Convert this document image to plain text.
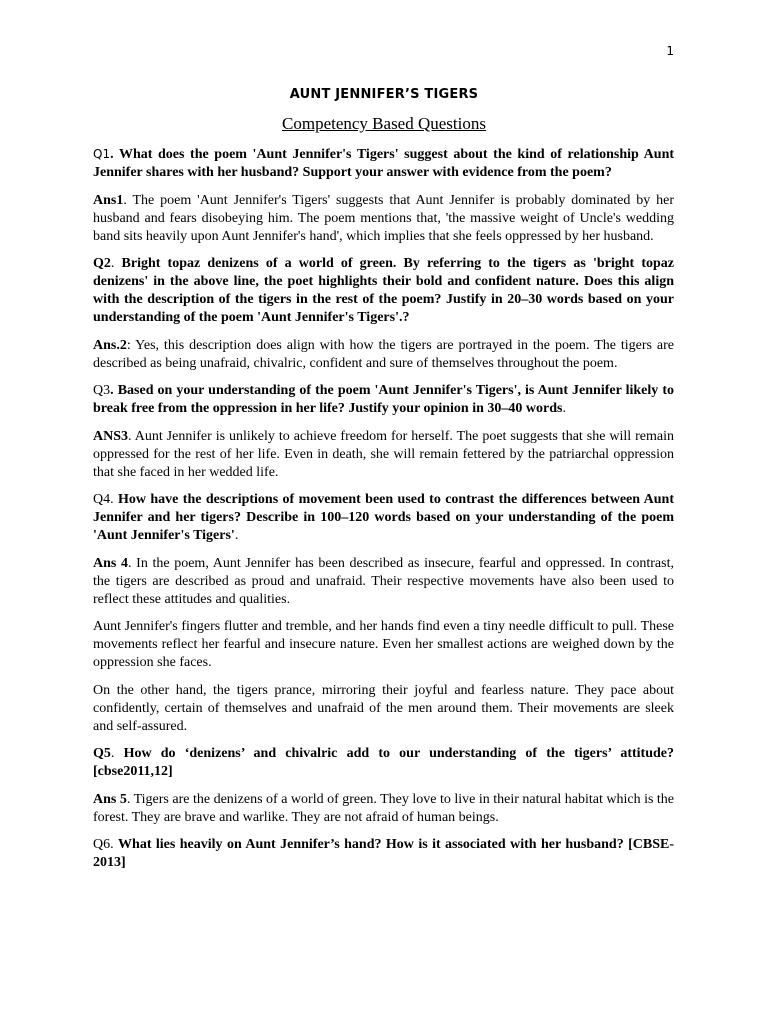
1
AUNT JENNIFER’S TIGERS
Competency Based Questions

Q1. What does the poem 'Aunt Jennifer's Tigers' suggest about the kind of relationship Aunt Jennifer shares with her husband? Support your answer with evidence from the poem?

Ans1. The poem 'Aunt Jennifer's Tigers' suggests that Aunt Jennifer is probably dominated by her husband and fears disobeying him. The poem mentions that, 'the massive weight of Uncle's wedding band sits heavily upon Aunt Jennifer's hand', which implies that she feels oppressed by her husband.

Q2. Bright topaz denizens of a world of green. By referring to the tigers as 'bright topaz denizens' in the above line, the poet highlights their bold and confident nature. Does this align with the description of the tigers in the rest of the poem? Justify in 20–30 words based on your understanding of the poem 'Aunt Jennifer's Tigers'.?

Ans.2: Yes, this description does align with how the tigers are portrayed in the poem. The tigers are described as being unafraid, chivalric, confident and sure of themselves throughout the poem.

Q3. Based on your understanding of the poem 'Aunt Jennifer's Tigers', is Aunt Jennifer likely to break free from the oppression in her life? Justify your opinion in 30–40 words.

ANS3. Aunt Jennifer is unlikely to achieve freedom for herself. The poet suggests that she will remain oppressed for the rest of her life. Even in death, she will remain fettered by the patriarchal oppression that she faced in her wedded life.

Q4. How have the descriptions of movement been used to contrast the differences between Aunt Jennifer and her tigers? Describe in 100–120 words based on your understanding of the poem 'Aunt Jennifer's Tigers'.

Ans 4. In the poem, Aunt Jennifer has been described as insecure, fearful and oppressed. In contrast, the tigers are described as proud and unafraid. Their respective movements have also been used to reflect these attitudes and qualities.

Aunt Jennifer's fingers flutter and tremble, and her hands find even a tiny needle difficult to pull. These movements reflect her fearful and insecure nature. Even her smallest actions are weighed down by the oppression she faces.

On the other hand, the tigers prance, mirroring their joyful and fearless nature. They pace about confidently, certain of themselves and unafraid of the men around them. Their movements are sleek and self-assured.

Q5. How do ‘denizens’ and chivalric add to our understanding of the tigers’ attitude? [cbse2011,12]

Ans 5. Tigers are the denizens of a world of green. They love to live in their natural habitat which is the forest. They are brave and warlike. They are not afraid of human beings.

Q6. What lies heavily on Aunt Jennifer’s hand? How is it associated with her husband? [CBSE-2013]
